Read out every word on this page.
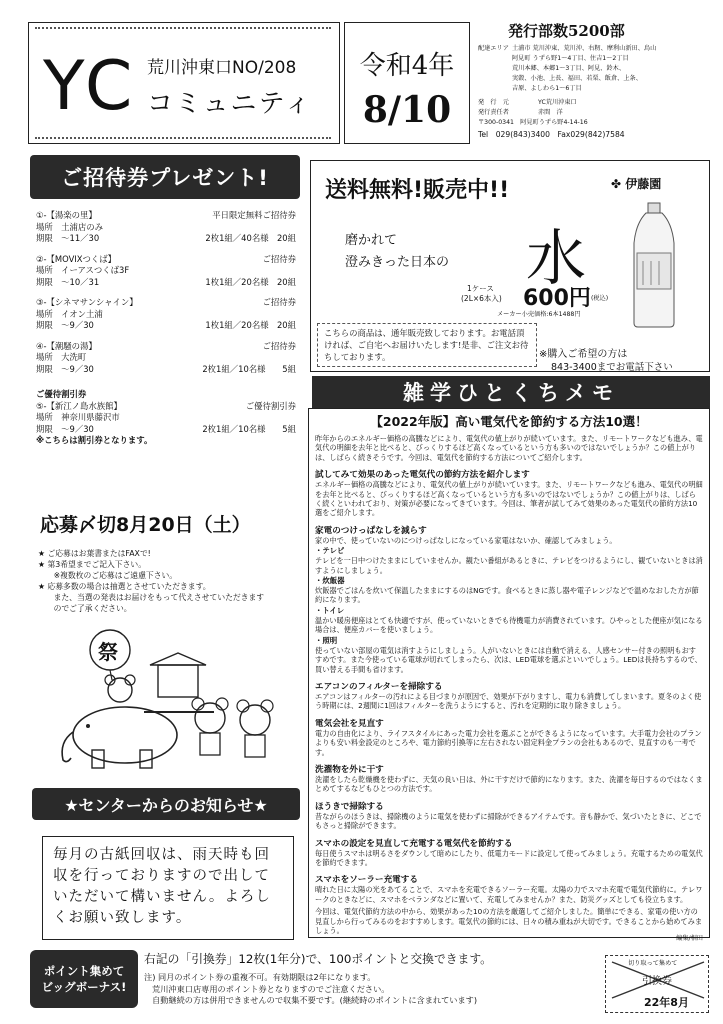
YC 荒川沖東口NO/208
コミュニティ
令和4年
8/10
発行部数5200部
配達エリア 土浦市 荒川沖東、荒川沖、右籾、摩利山新田、烏山
阿見町 うずら野1～4丁目、住吉1～2丁目
荒川本郷、本郷1～3丁目、阿見、鈴木、
実穀、小池、上長、福田、若栗、飯倉、上条、
吉原、よしわら1～6丁目
発　行　元	YC荒川沖東口
発行責任者	赤間　洋
〒300-0341　阿見町うずら野4-14-16
Tel　029(843)3400　Fax029(842)7584
ご招待券プレゼント!
①-【湯楽の里】	平日限定無料ご招待券
場所　土浦店のみ
期限　～11／30	2枚1組／40名様　20組
②-【MOVIXつくば】	ご招待券
場所　イーアスつくば3F
期限　～10／31	1枚1組／20名様　20組
③-【シネマサンシャイン】	ご招待券
場所　イオン土浦
期限　～9／30	1枚1組／20名様　20組
④-【潮騒の湯】	ご招待券
場所　大洗町
期限　～9／30	2枚1組／10名様　　5組
ご優待割引券
⑤-【新江ノ島水族館】	ご優待割引券
場所　神奈川県藤沢市
期限　～9／30	2枚1組／10名様　　5組
※こちらは割引券となります。
応募〆切8月20日（土）
★ ご応募はお葉書またはFAXで!
★ 第3希望までご記入下さい。
　　※複数枚のご応募はご遠慮下さい。
★ 応募多数の場合は抽選とさせていただきます。
　　また、当選の発表はお届けをもって代えさせていただきます
　　のでご了承ください。
祭
★センターからのお知らせ★
毎月の古紙回収は、雨天時も回収を行っておりますので出していただいて構いません。よろしくお願い致します。
送料無料!販売中!!	✤ 伊藤園
磨かれて
澄みきった日本の 水
1ケース
(2L×6本入) 600円 (税込)
メーカー小売価格:6本1488円
こちらの商品は、通年販売致しております。お電話頂ければ、ご自宅へお届けいたします!是非、ご注文お待ちしております。	※購入ご希望の方は
843-3400までお電話下さい
雑学ひとくちメモ
【2022年版】高い電気代を節約する方法10選！
昨年からのエネルギー価格の高騰などにより、電気代の値上がりが続いています。また、リモートワークなども進み、電気代の明細を去年と比べると、びっくりするほど高くなっているという方も多いのではないでしょうか？この値上がりは、しばらく続きそうです。今回は、電気代を節約する方法についてご紹介します。
試してみて効果のあった電気代の節約方法を紹介します
エネルギー価格の高騰などにより、電気代の値上がりが続いています。また、リモートワークなども進み、電気代の明細を去年と比べると、びっくりするほど高くなっているという方も多いのではないでしょうか？この値上がりは、しばらく続くといわれており、対策が必要になってきています。今回は、筆者が試してみて効果のあった電気代の節約方法10選をご紹介します。
家電のつけっぱなしを減らす
家の中で、使っていないのにつけっぱなしになっている家電はないか、確認してみましょう。
・テレビ
テレビを一日中つけたままにしていませんか。観たい番組があるときに、テレビをつけるようにし、観ていないときは消すようにしましょう。
・炊飯器
炊飯器でごはんを炊いて保温したままにするのはNGです。食べるときに蒸し器や電子レンジなどで温めなおした方が節約になります。
・トイレ
温かい暖房便座はとても快適ですが、使っていないときでも待機電力が消費されています。ひやっとした便座が気になる場合は、便座カバーを使いましょう。
・照明
使っていない部屋の電気は消すようにしましょう。人がいないときには自動で消える、人感センサー付きの照明もおすすめです。また今使っている電球が切れてしまったら、次は、LED電球を選ぶといいでしょう。LEDは長持ちするので、買い替える手間も省けます。
エアコンのフィルターを掃除する
エアコンはフィルターの汚れによる目づまりが原因で、効果が下がりますし、電力も消費してしまいます。夏冬のよく使う時期には、2週間に1回はフィルターを洗うようにすると、汚れを定期的に取り除きましょう。
電気会社を見直す
電力の自由化により、ライフスタイルにあった電力会社を選ぶことができるようになっています。大手電力会社のプランよりも安い料金設定のところや、電力節約引換等に左右されない固定料金プランの会社もあるので、見直すのも一考です。
洗濯物を外に干す
洗濯をしたら乾燥機を使わずに、天気の良い日は、外に干すだけで節約になります。また、洗濯を毎日するのではなくまとめてするなどもひとつの方法です。
ほうきで掃除する
昔ながらのほうきは、掃除機のように電気を使わずに掃除ができるアイテムです。音も静かで、気づいたときに、どこでもさっと掃除ができます。
スマホの設定を見直して充電する電気代を節約する
毎日使うスマホは明るさをダウンして暗めにしたり、低電力モードに設定して使ってみましょう。充電するための電気代を節約できます。
スマホをソーラー充電する
晴れた日に太陽の光をあてることで、スマホを充電できるソーラー充電。太陽の力でスマホ充電で電気代節約に。テレワークのときなどに、スマホをベランダなどに置いて、充電してみませんか？また、防災グッズとしても役立ちます。
今回は、電気代節約方法の中から、効果があった10の方法を厳選してご紹介しました。簡単にできる、家電の使い方の見直しから行ってみるのをおすすめします。電気代の節約には、日々の積み重ねが大切です。できることから始めてみましょう。
編集/相田
ポイント集めて
ビッグボーナス!
右記の「引換券」12枚(1年分)で、100ポイントと交換できます。
注) 同月のポイント券の重複不可。有効期限は2年になります。
荒川沖東口店専用のポイント券となりますのでご注意ください。
自動継続の方は併用できませんので収集不要です。(継続時のポイントに含まれています)
切り取って集めて
引換券
22年8月
